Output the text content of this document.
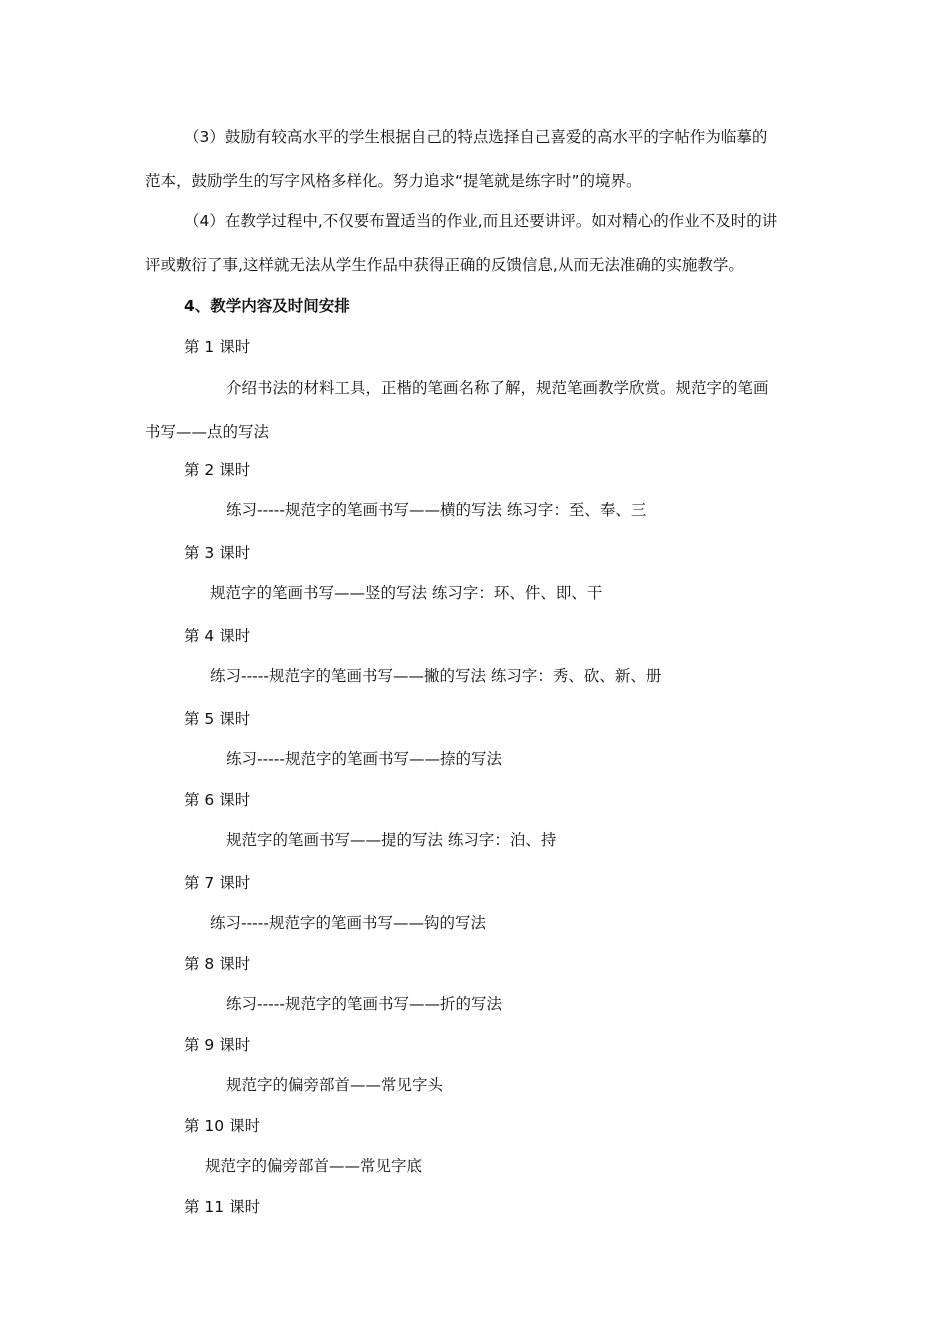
（3）鼓励有较高水平的学生根据自己的特点选择自己喜爱的高水平的字帖作为临摹的
范本，鼓励学生的写字风格多样化。努力追求“提笔就是练字时”的境界。
（4）在教学过程中,不仅要布置适当的作业,而且还要讲评。如对精心的作业不及时的讲
评或敷衍了事,这样就无法从学生作品中获得正确的反馈信息,从而无法准确的实施教学。
4、教学内容及时间安排
第 1 课时
介绍书法的材料工具，正楷的笔画名称了解，规范笔画教学欣赏。规范字的笔画
书写——点的写法
第 2 课时
练习-----规范字的笔画书写——横的写法 练习字：至、奉、三
第 3 课时
规范字的笔画书写——竖的写法 练习字：环、件、即、干
第 4 课时
练习-----规范字的笔画书写——撇的写法 练习字：秀、砍、新、册
第 5 课时
练习-----规范字的笔画书写——捺的写法
第 6 课时
规范字的笔画书写——提的写法 练习字：泊、持
第 7 课时
练习-----规范字的笔画书写——钩的写法
第 8 课时
练习-----规范字的笔画书写——折的写法
第 9 课时
规范字的偏旁部首——常见字头
第 10 课时
规范字的偏旁部首——常见字底
第 11 课时
